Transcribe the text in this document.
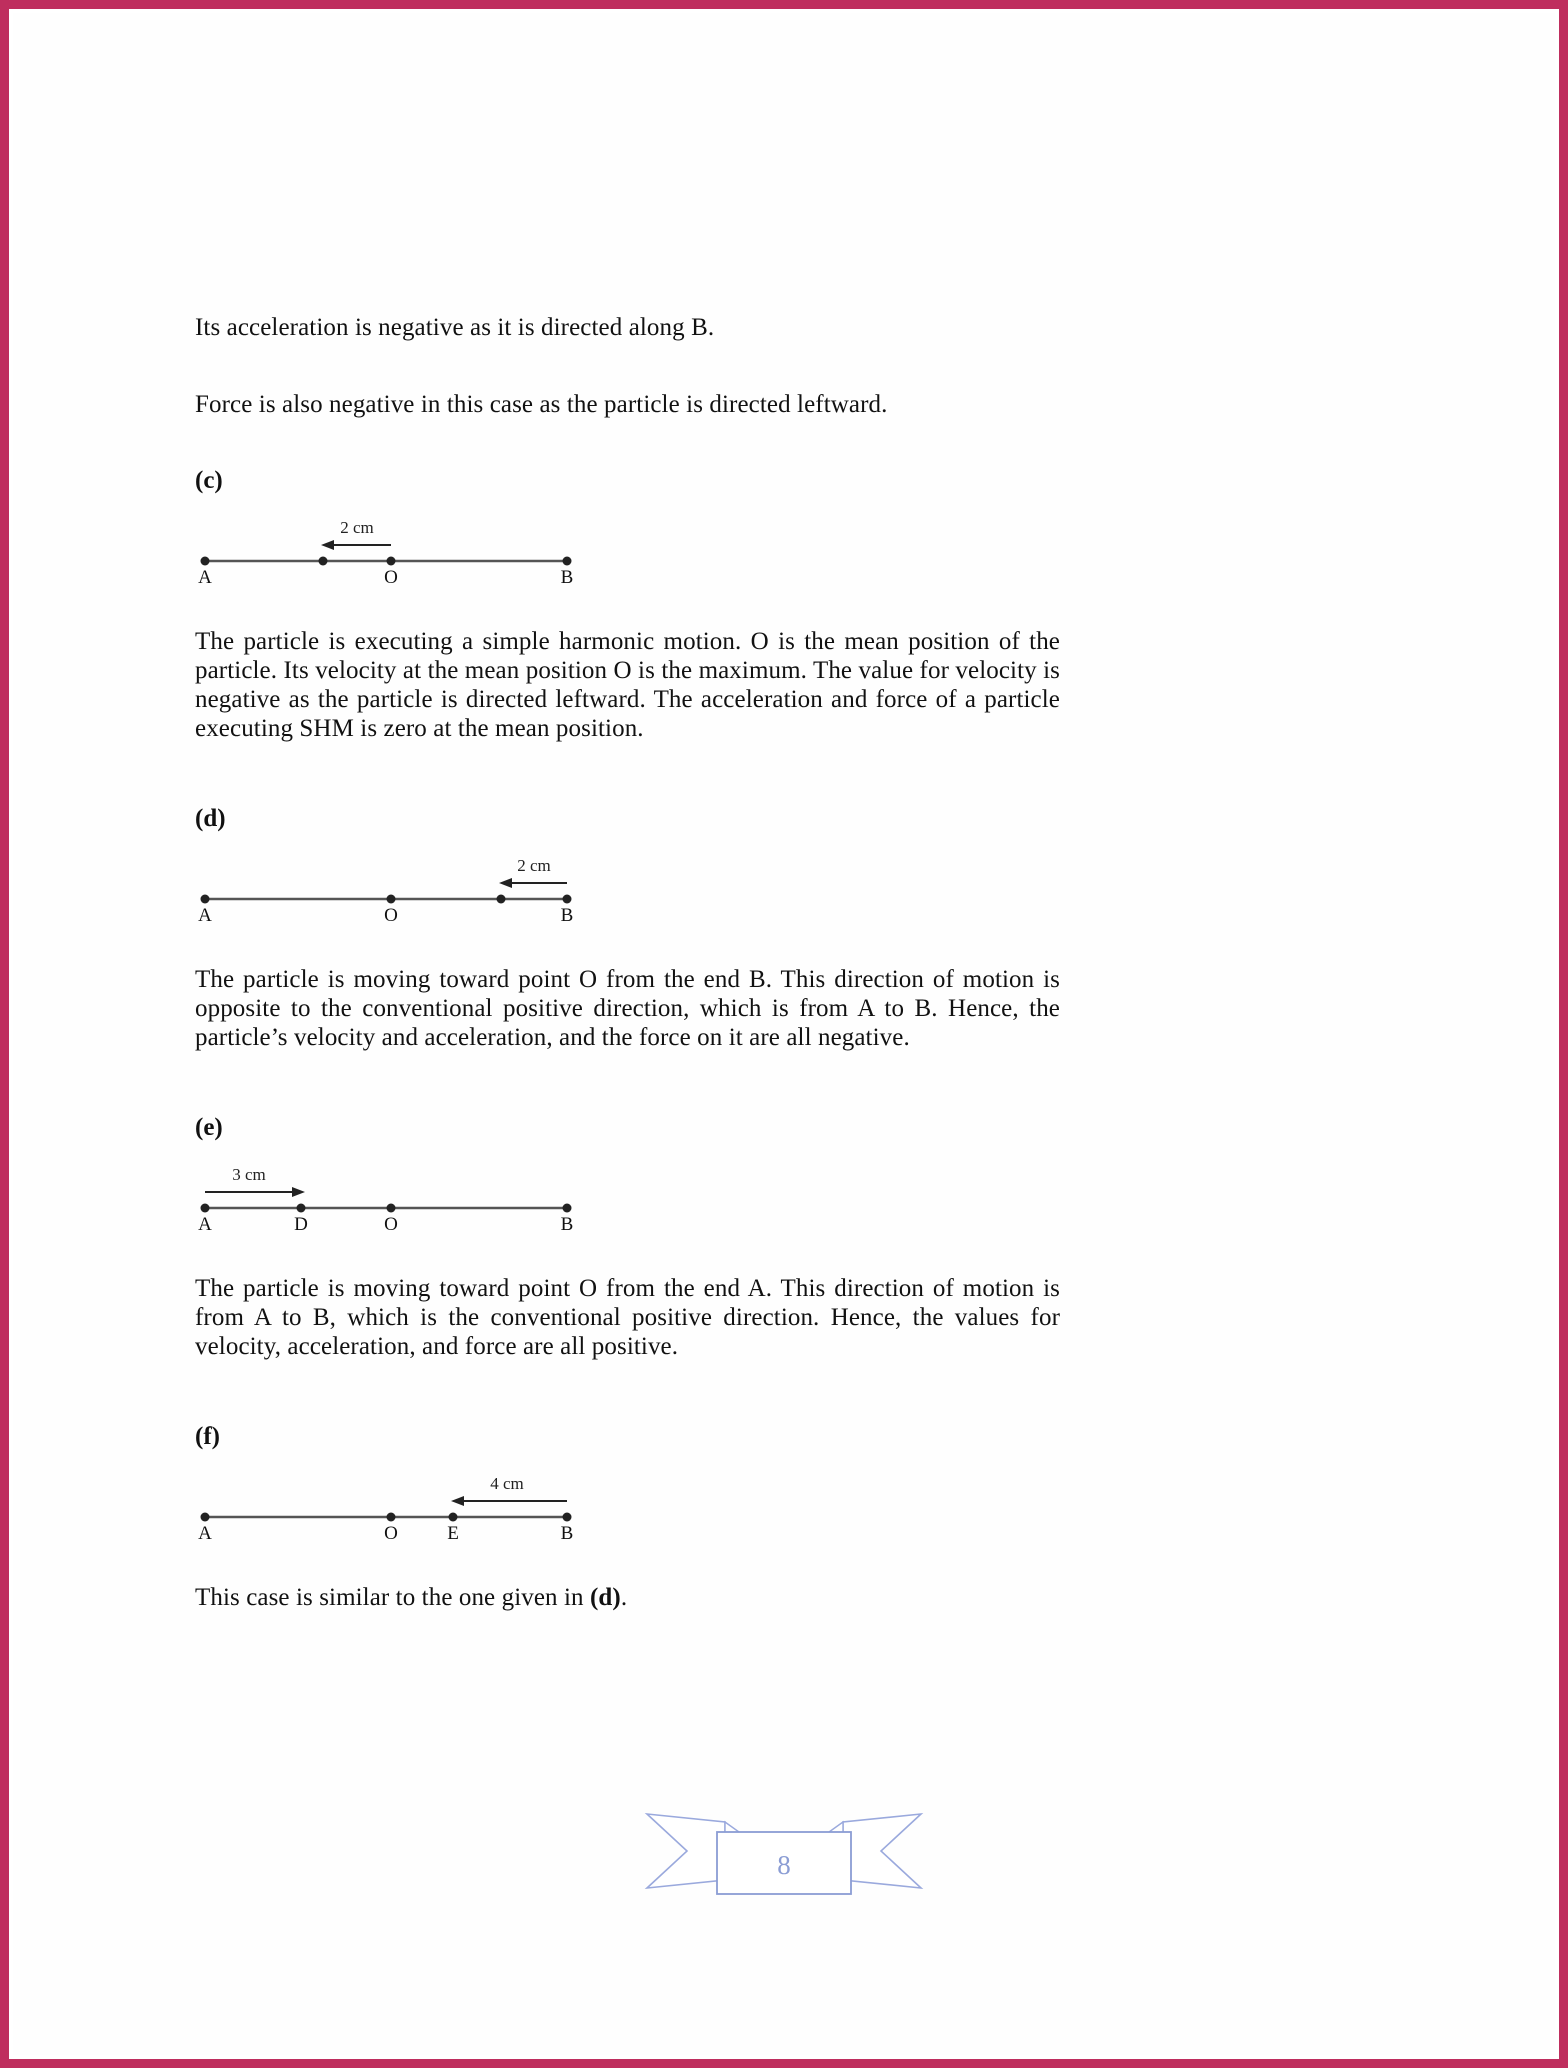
Its acceleration is negative as it is directed along B.

Force is also negative in this case as the particle is directed leftward.

(c)

2 cm
A	O	B

The particle is executing a simple harmonic motion. O is the mean position of the particle. Its velocity at the mean position O is the maximum. The value for velocity is negative as the particle is directed leftward. The acceleration and force of a particle executing SHM is zero at the mean position.

(d)

2 cm
A	O	B

The particle is moving toward point O from the end B. This direction of motion is opposite to the conventional positive direction, which is from A to B. Hence, the particle’s velocity and acceleration, and the force on it are all negative.

(e)

3 cm
A	D	O	B

The particle is moving toward point O from the end A. This direction of motion is from A to B, which is the conventional positive direction. Hence, the values for velocity, acceleration, and force are all positive.

(f)

4 cm
A	O	E	B

This case is similar to the one given in (d).

8
